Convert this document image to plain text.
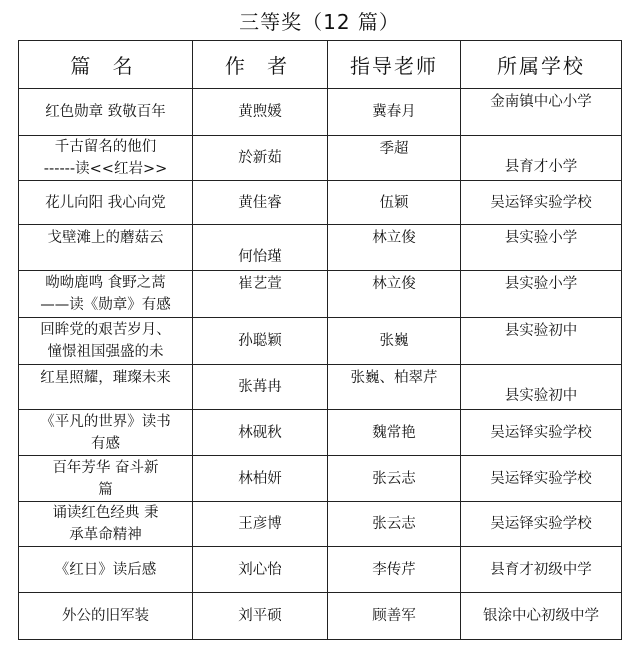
三等奖（12 篇）
篇 名	作 者	指导老师	所属学校
红色勋章 致敬百年	黄煦媛	冀春月	金南镇中心小学
千古留名的他们
------读<<红岩>>	於新茹	季超	县育才小学
花儿向阳 我心向党	黄佳睿	伍颖	吴运铎实验学校
戈壁滩上的蘑菇云	何怡瑾	林立俊	县实验小学
呦呦鹿鸣 食野之蒿
——读《勋章》有感	崔艺萱	林立俊	县实验小学
回眸党的艰苦岁月、
憧憬祖国强盛的未	孙聪颖	张巍	县实验初中
红星照耀，璀璨未来	张苒冉	张巍、柏翠芹	县实验初中
《平凡的世界》读书
有感	林砚秋	魏常艳	吴运铎实验学校
百年芳华 奋斗新
篇	林柏妍	张云志	吴运铎实验学校
诵读红色经典 秉
承革命精神	王彦博	张云志	吴运铎实验学校
《红日》读后感	刘心怡	李传芹	县育才初级中学
外公的旧军装	刘平硕	顾善军	银涂中心初级中学
